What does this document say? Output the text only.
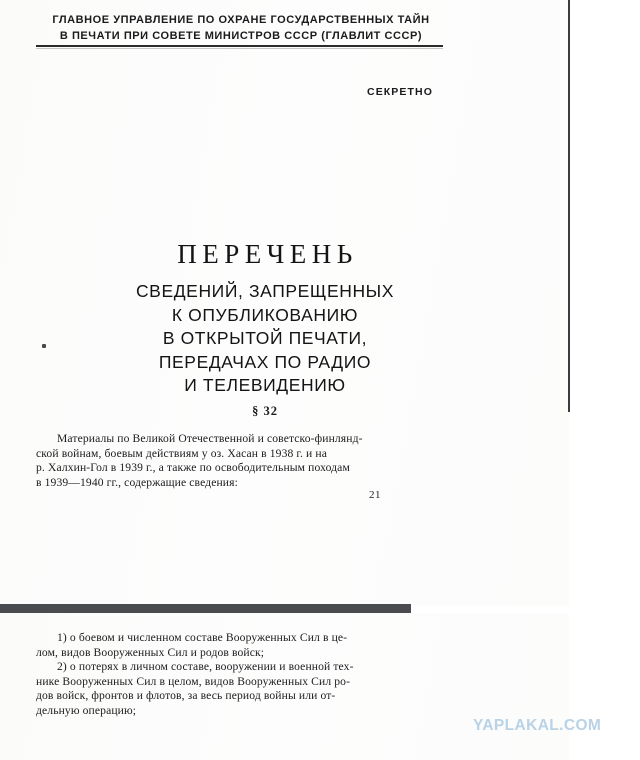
ГЛАВНОЕ УПРАВЛЕНИЕ ПО ОХРАНЕ ГОСУДАРСТВЕННЫХ ТАЙН
В ПЕЧАТИ ПРИ СОВЕТЕ МИНИСТРОВ СССР (ГЛАВЛИТ СССР)
СЕКРЕТНО
ПЕРЕЧЕНЬ
СВЕДЕНИЙ, ЗАПРЕЩЕННЫХ
К ОПУБЛИКОВАНИЮ
В ОТКРЫТОЙ ПЕЧАТИ,
ПЕРЕДАЧАХ ПО РАДИО
И ТЕЛЕВИДЕНИЮ
§ 32
Материалы по Великой Отечественной и советско-финлянд-
ской войнам, боевым действиям у оз. Хасан в 1938 г. и на
р. Халхин-Гол в 1939 г., а также по освободительным походам
в 1939—1940 гг., содержащие сведения:
21
1) о боевом и численном составе Вооруженных Сил в це-
лом, видов Вооруженных Сил и родов войск;
2) о потерях в личном составе, вооружении и военной тех-
нике Вооруженных Сил в целом, видов Вооруженных Сил ро-
дов войск, фронтов и флотов, за весь период войны или от-
дельную операцию;
YAPLAKAL.COM
